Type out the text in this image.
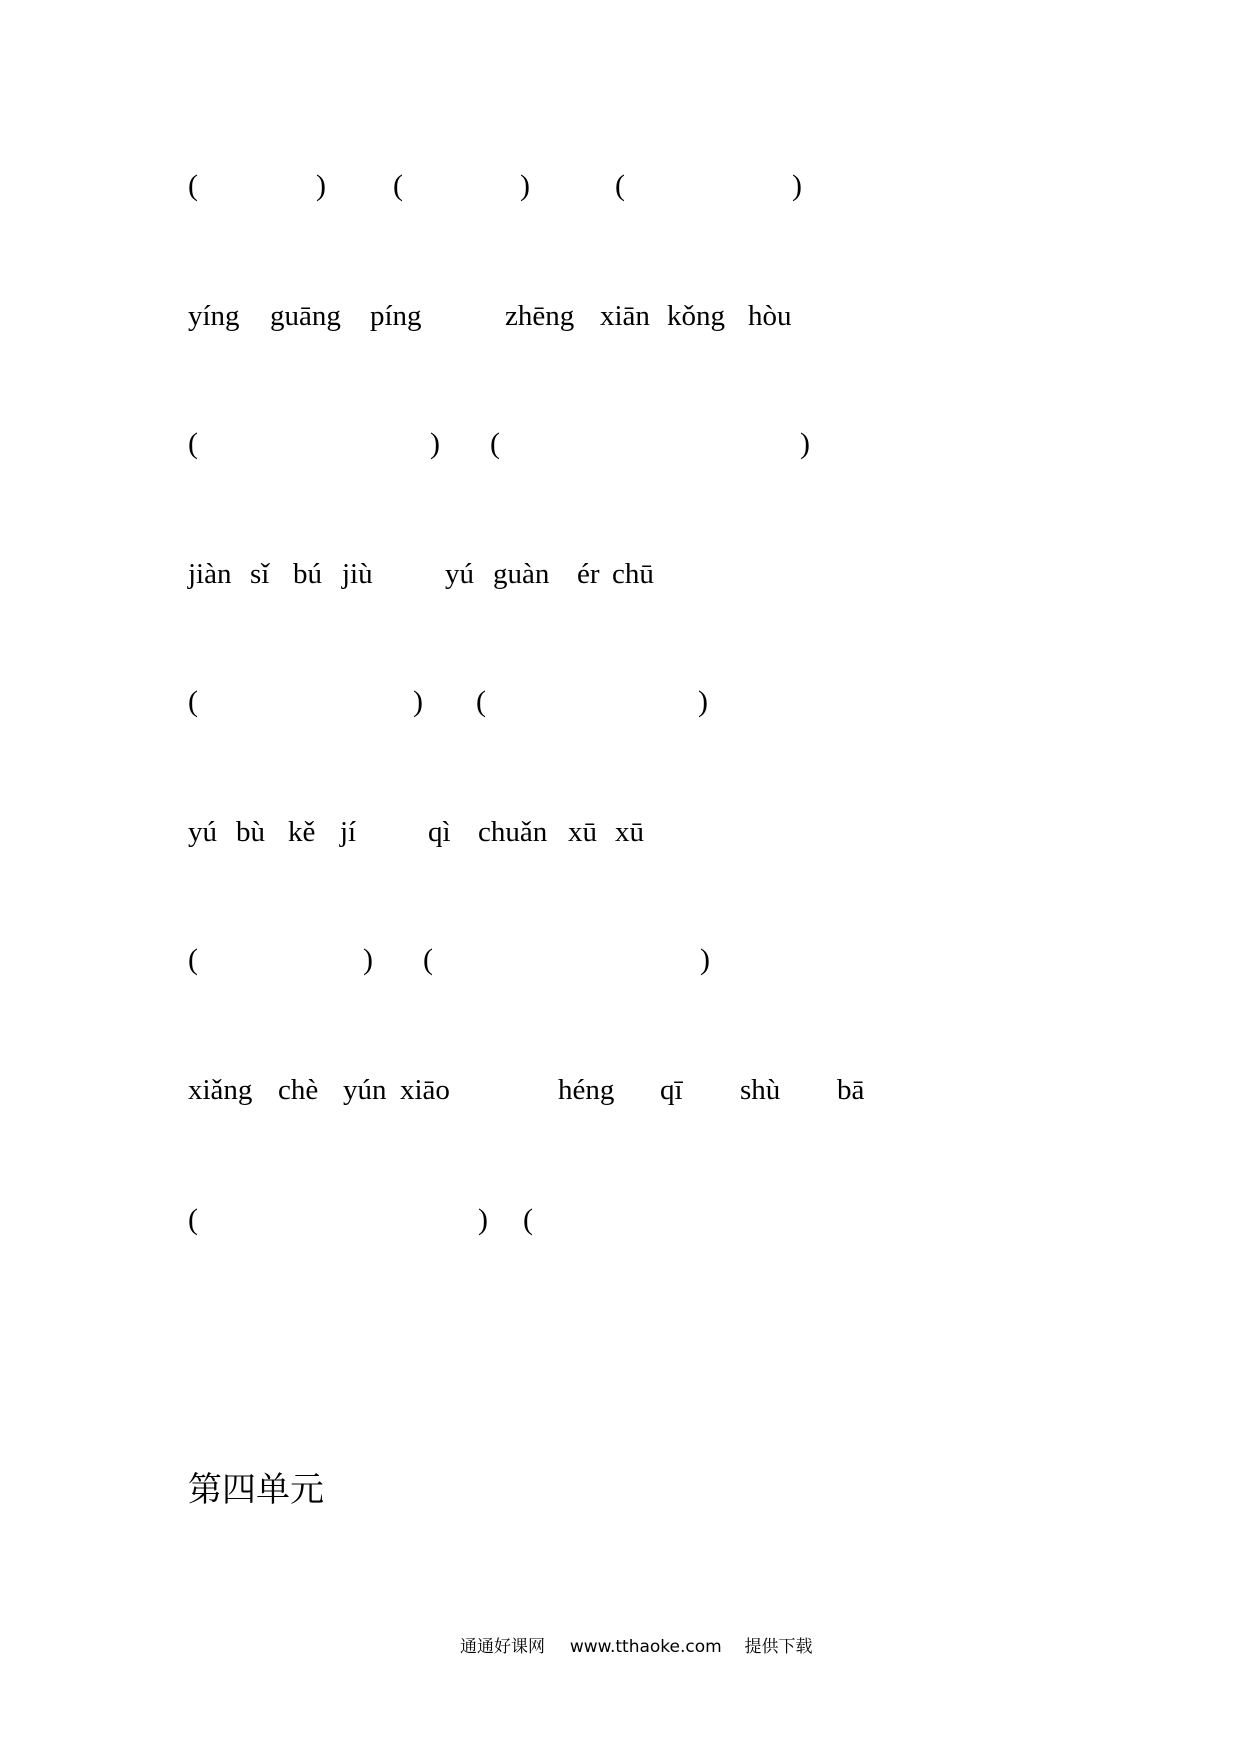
(	) (	)	(	)
yíng guāng píng	zhēng xiān kǒng hòu
(	) (	)
jiàn sǐ bú jiù yú guàn ér chū
(	) (	)
yú bù kě jí qì chuǎn xū xū
(	) (	)
xiǎng chè yún xiāo	héng qī shù bā
(	) (
第四单元
通通好课网 www.tthaoke.com 提供下载
